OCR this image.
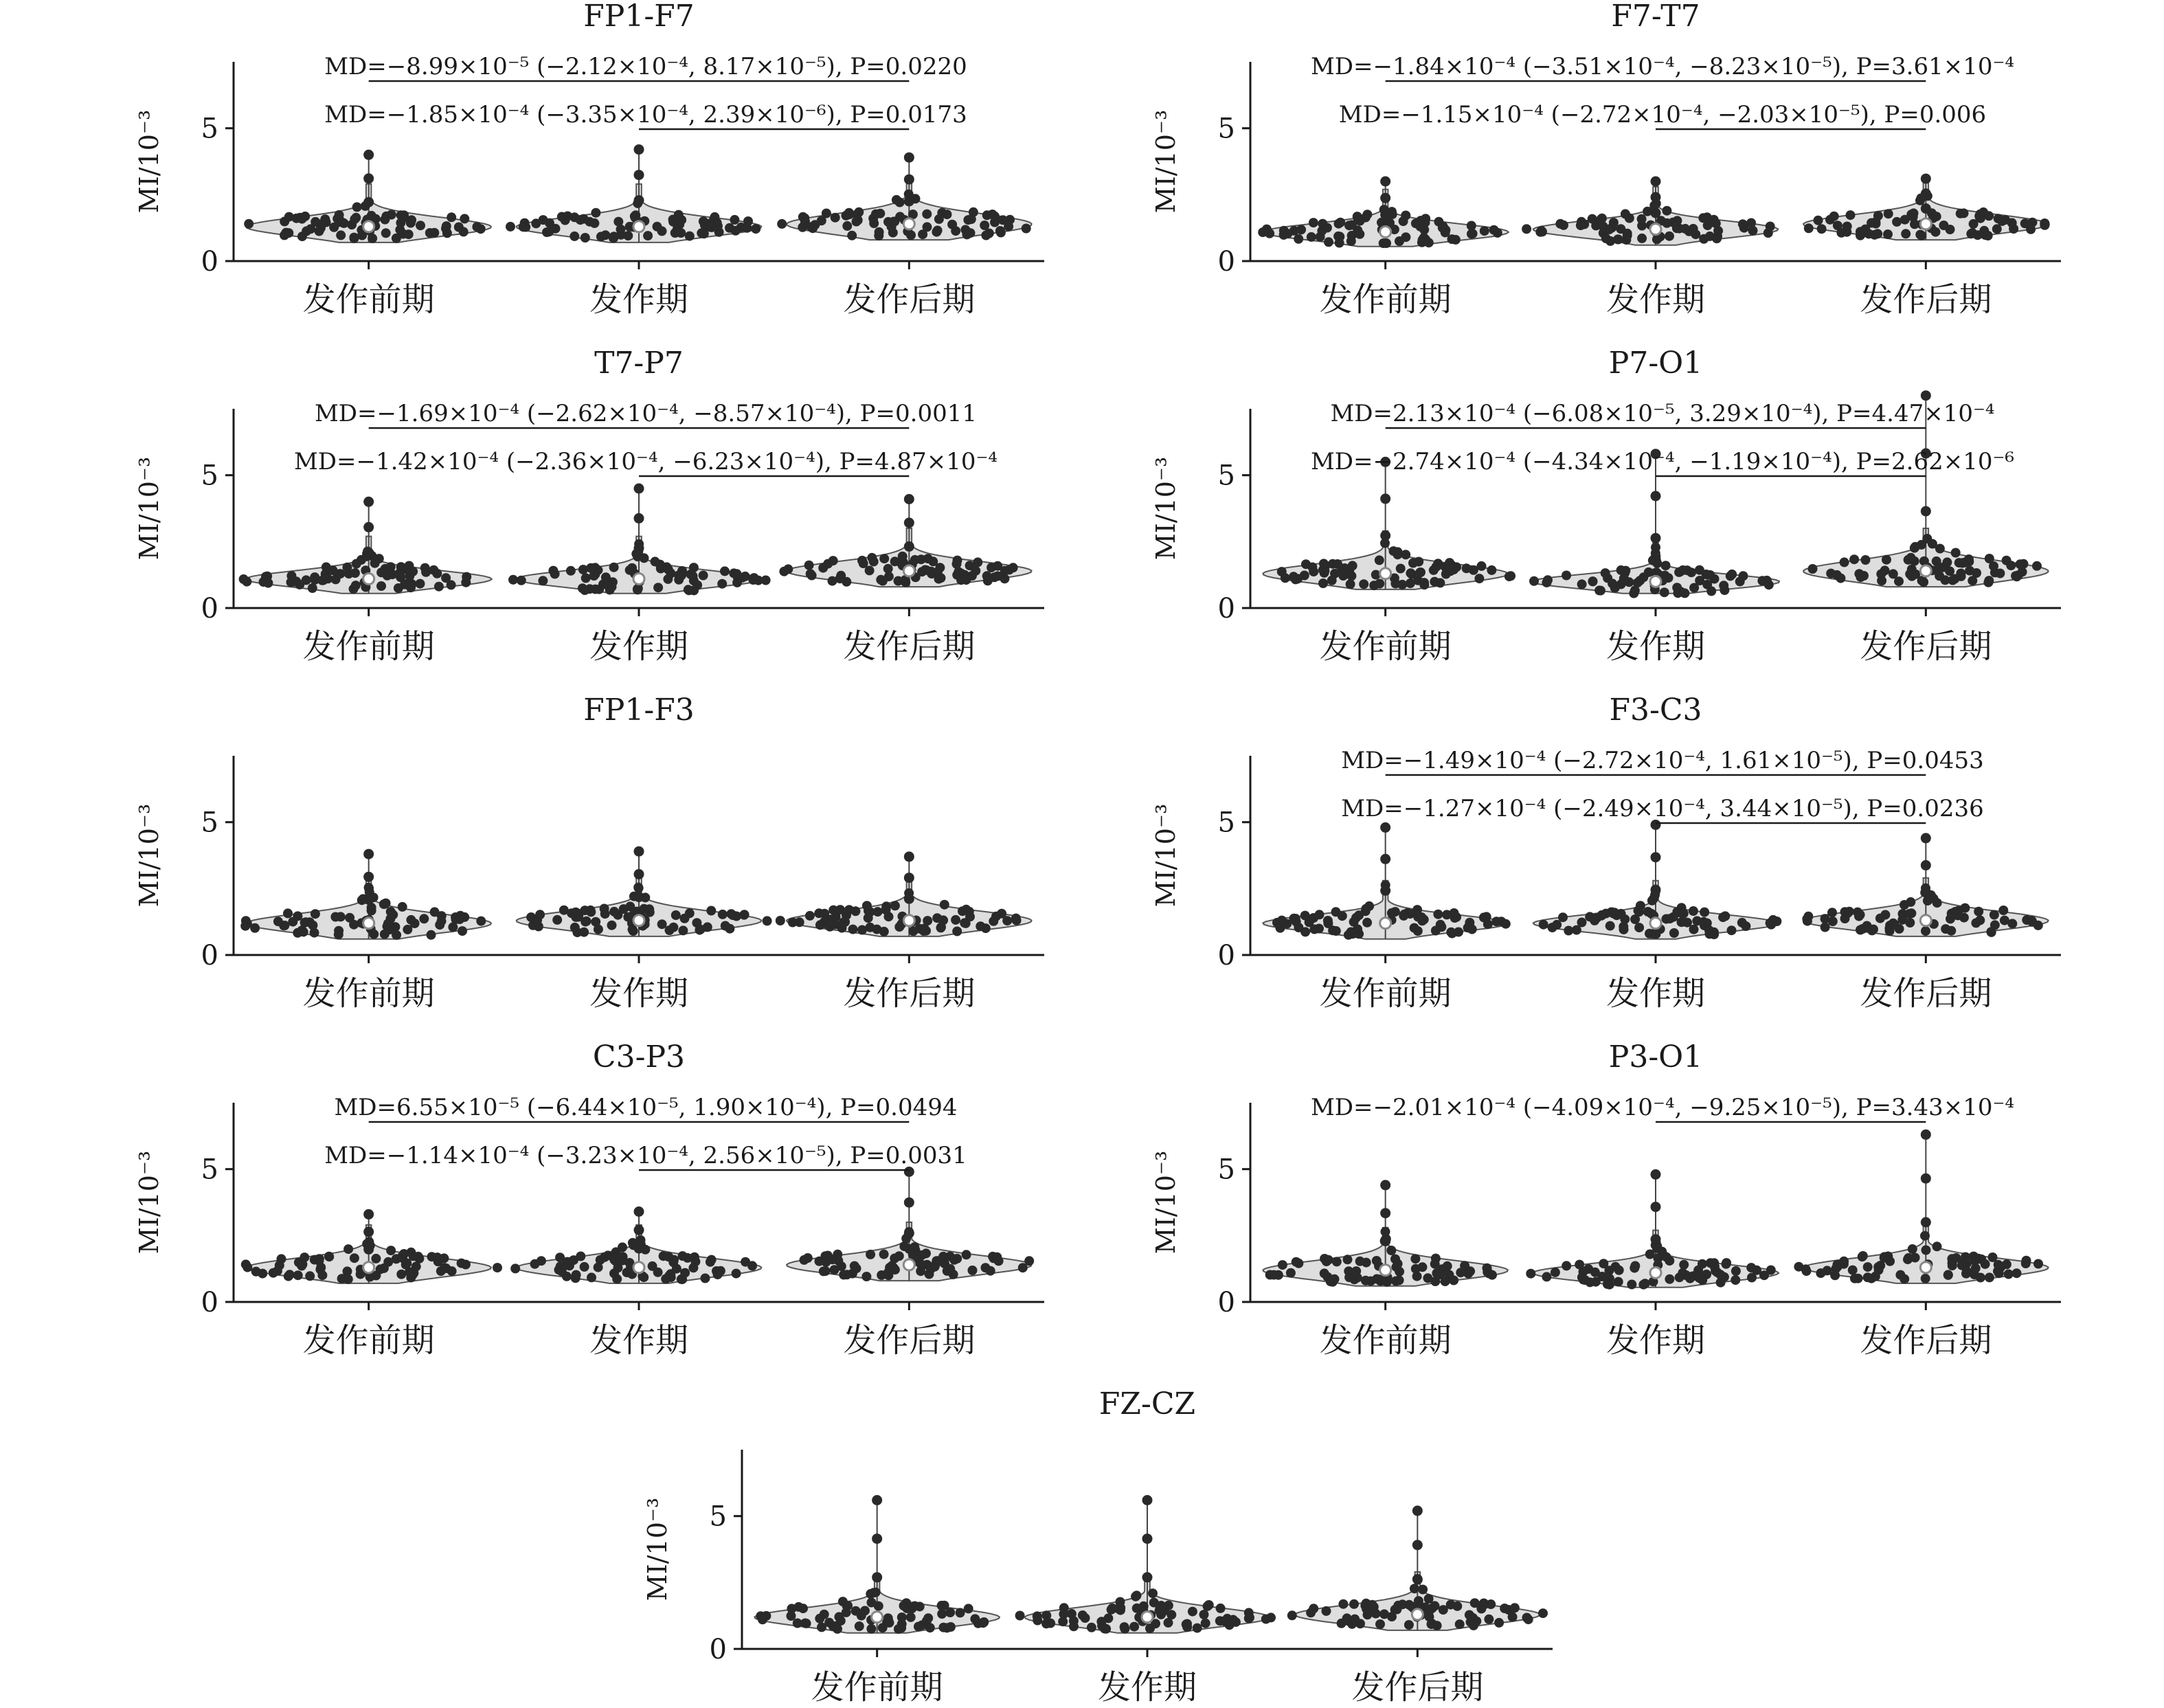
FP1-F7
MI/10⁻³
0
5
发作前期	发作期	发作后期
MD=−8.99×10⁻⁵ (−2.12×10⁻⁴, 8.17×10⁻⁵), P=0.0220
MD=−1.85×10⁻⁴ (−3.35×10⁻⁴, 2.39×10⁻⁶), P=0.0173
F7-T7
MI/10⁻³
0
5
发作前期	发作期	发作后期
MD=−1.84×10⁻⁴ (−3.51×10⁻⁴, −8.23×10⁻⁵), P=3.61×10⁻⁴
MD=−1.15×10⁻⁴ (−2.72×10⁻⁴, −2.03×10⁻⁵), P=0.006
T7-P7
MI/10⁻³
0
5
发作前期	发作期	发作后期
MD=−1.69×10⁻⁴ (−2.62×10⁻⁴, −8.57×10⁻⁴), P=0.0011
MD=−1.42×10⁻⁴ (−2.36×10⁻⁴, −6.23×10⁻⁴), P=4.87×10⁻⁴
P7-O1
MI/10⁻³
0
5
发作前期	发作期	发作后期
MD=2.13×10⁻⁴ (−6.08×10⁻⁵, 3.29×10⁻⁴), P=4.47×10⁻⁴
MD=−2.74×10⁻⁴ (−4.34×10⁻⁴, −1.19×10⁻⁴), P=2.62×10⁻⁶
FP1-F3
MI/10⁻³
0
5
发作前期	发作期	发作后期
F3-C3
MI/10⁻³
0
5
发作前期	发作期	发作后期
MD=−1.49×10⁻⁴ (−2.72×10⁻⁴, 1.61×10⁻⁵), P=0.0453
MD=−1.27×10⁻⁴ (−2.49×10⁻⁴, 3.44×10⁻⁵), P=0.0236
C3-P3
MI/10⁻³
0
5
发作前期	发作期	发作后期
MD=6.55×10⁻⁵ (−6.44×10⁻⁵, 1.90×10⁻⁴), P=0.0494
MD=−1.14×10⁻⁴ (−3.23×10⁻⁴, 2.56×10⁻⁵), P=0.0031
P3-O1
MI/10⁻³
0
5
发作前期	发作期	发作后期
MD=−2.01×10⁻⁴ (−4.09×10⁻⁴, −9.25×10⁻⁵), P=3.43×10⁻⁴
FZ-CZ
MI/10⁻³
0
5
发作前期	发作期	发作后期
